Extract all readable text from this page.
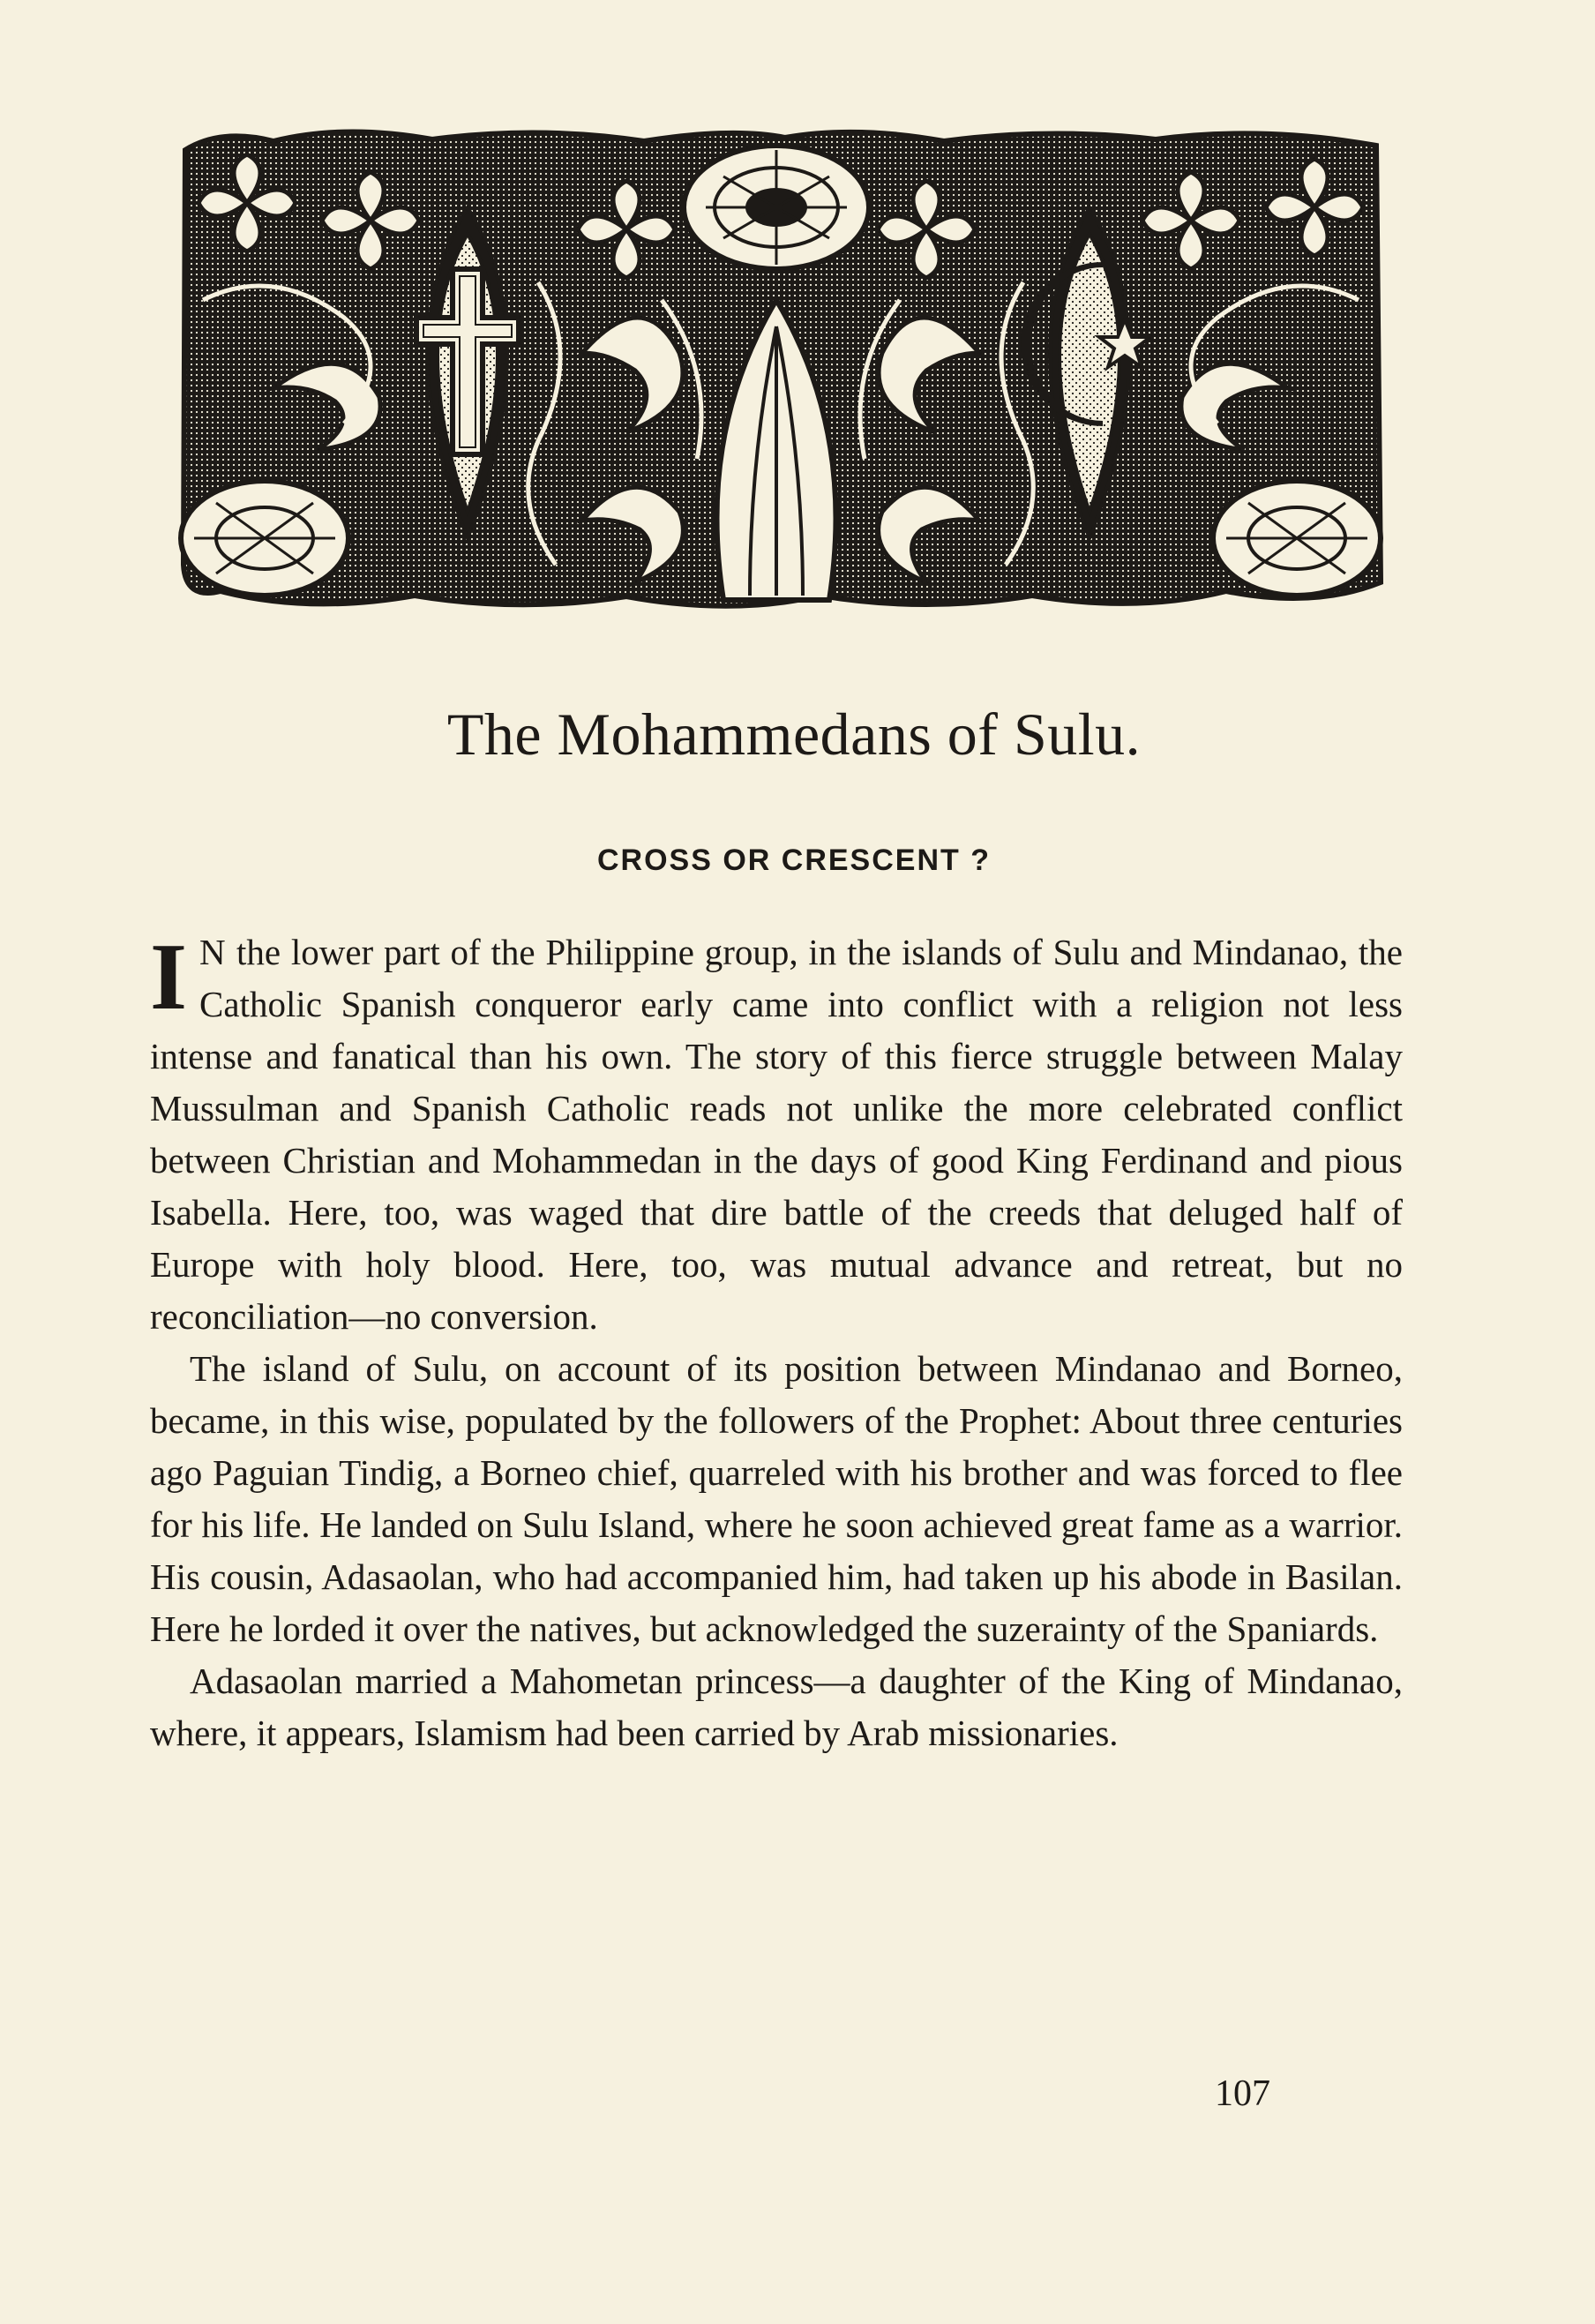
The Mohammedans of Sulu.
CROSS OR CRESCENT ?

I N the lower part of the Philippine group, in the islands of Sulu and Mindanao, the Catholic Spanish conqueror early came into conflict with a religion not less intense and fanatical than his own. The story of this fierce struggle between Malay Mussulman and Spanish Catholic reads not unlike the more celebrated conflict between Christian and Mohammedan in the days of good King Ferdinand and pious Isabella. Here, too, was waged that dire battle of the creeds that deluged half of Europe with holy blood. Here, too, was mutual advance and retreat, but no reconciliation—no conversion.

The island of Sulu, on account of its position between Mindanao and Borneo, became, in this wise, populated by the followers of the Prophet: About three centuries ago Paguian Tindig, a Borneo chief, quarreled with his brother and was forced to flee for his life. He landed on Sulu Island, where he soon achieved great fame as a warrior. His cousin, Adasaolan, who had accompanied him, had taken up his abode in Basilan. Here he lorded it over the natives, but acknowledged the suzerainty of the Spaniards.

Adasaolan married a Mahometan princess—a daughter of the King of Mindanao, where, it appears, Islamism had been carried by Arab missionaries.

107
